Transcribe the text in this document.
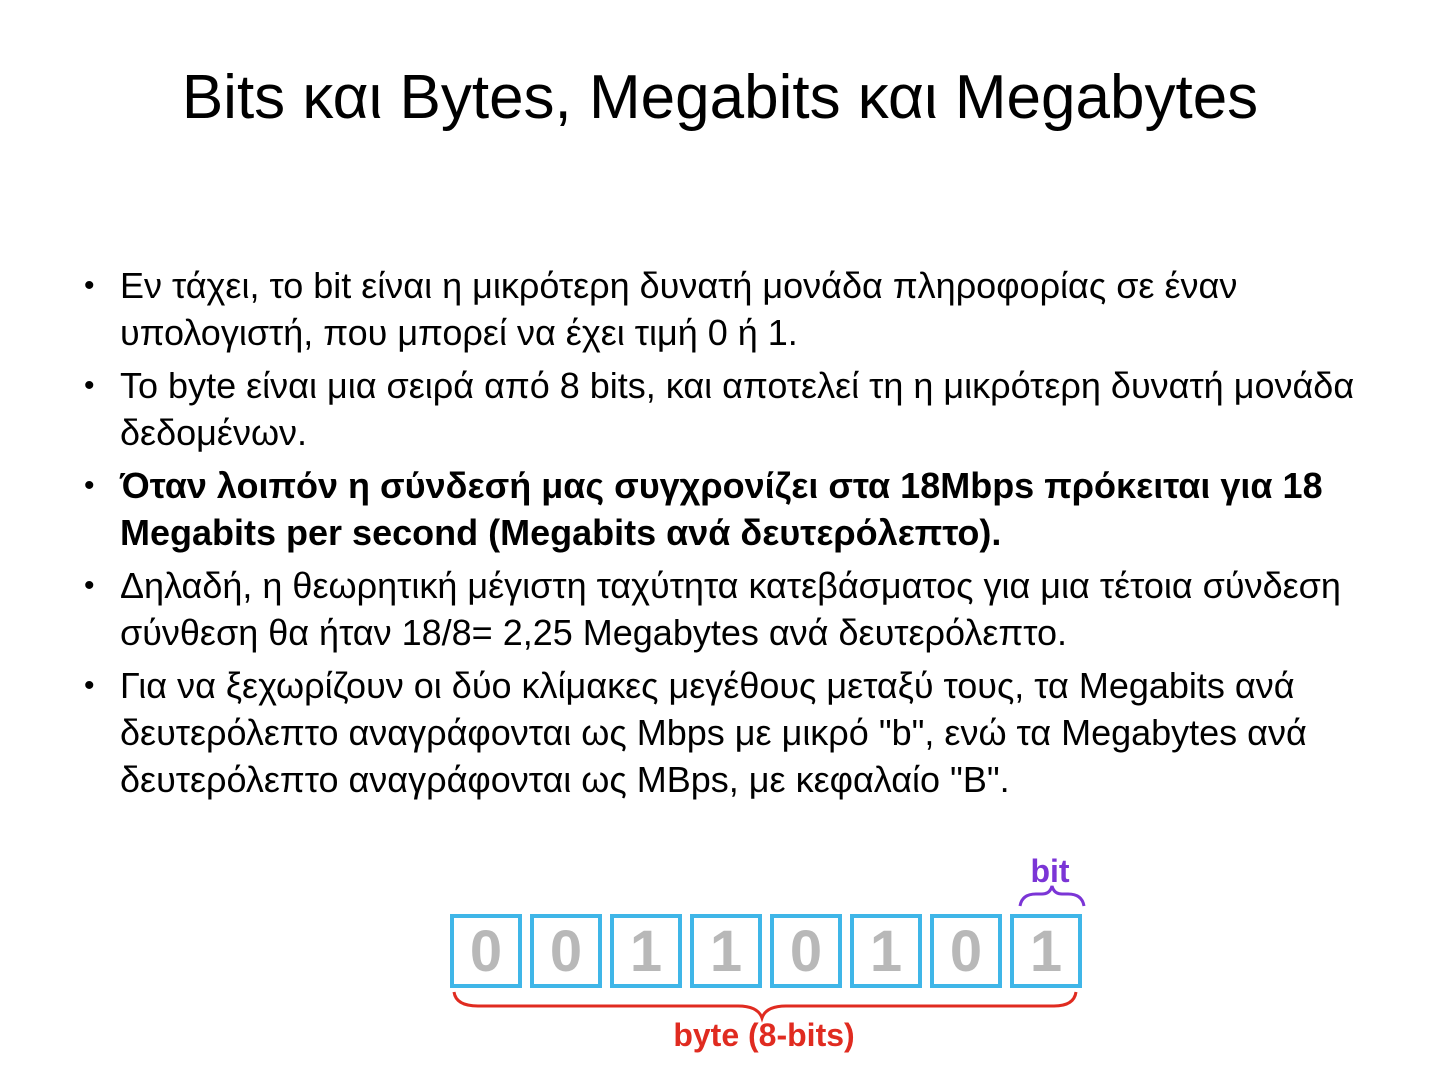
Bits και Bytes, Megabits και Megabytes
• Εν τάχει, το bit είναι η μικρότερη δυνατή μονάδα πληροφορίας σε έναν υπολογιστή, που μπορεί να έχει τιμή 0 ή 1.
• Το byte είναι μια σειρά από 8 bits, και αποτελεί τη η μικρότερη δυνατή μονάδα δεδομένων.
• Όταν λοιπόν η σύνδεσή μας συγχρονίζει στα 18Mbps πρόκειται για 18 Megabits per second (Megabits ανά δευτερόλεπτο).
• Δηλαδή, η θεωρητική μέγιστη ταχύτητα κατεβάσματος για μια τέτοια σύνδεση σύνθεση θα ήταν 18/8= 2,25 Megabytes ανά δευτερόλεπτο.
• Για να ξεχωρίζουν οι δύο κλίμακες μεγέθους μεταξύ τους, τα Megabits ανά δευτερόλεπτο αναγράφονται ως Mbps με μικρό "b", ενώ τα Megabytes ανά δευτερόλεπτο αναγράφονται ως MBps, με κεφαλαίο "B".
0 0 1 1 0 1 0 1
bit
byte (8-bits)
